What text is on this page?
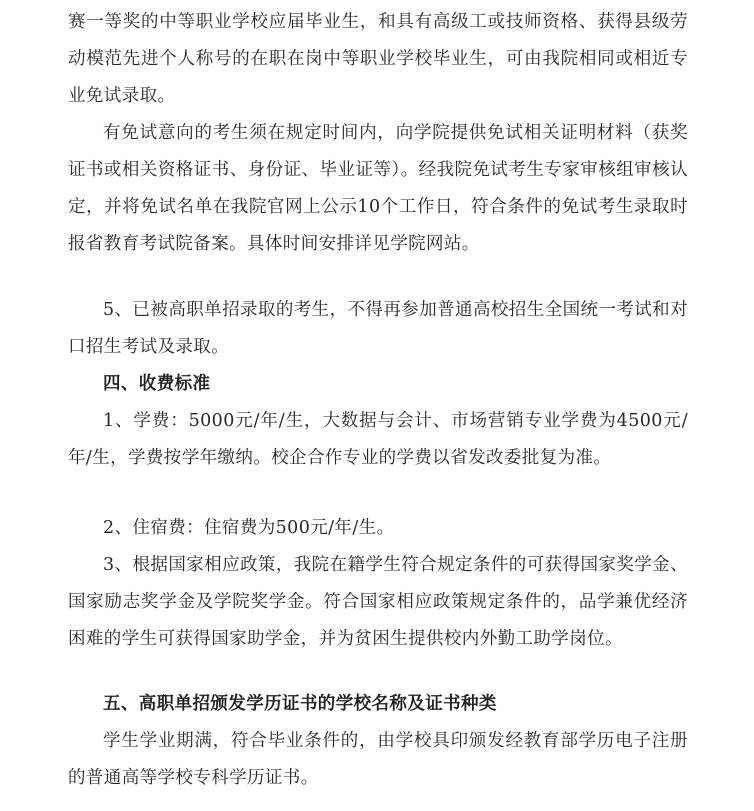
赛一等奖的中等职业学校应届毕业生，和具有高级工或技师资格、获得县级劳动模范先进个人称号的在职在岗中等职业学校毕业生，可由我院相同或相近专业免试录取。

有免试意向的考生须在规定时间内，向学院提供免试相关证明材料（获奖证书或相关资格证书、身份证、毕业证等）。经我院免试考生专家审核组审核认定，并将免试名单在我院官网上公示10个工作日，符合条件的免试考生录取时报省教育考试院备案。具体时间安排详见学院网站。

5、已被高职单招录取的考生，不得再参加普通高校招生全国统一考试和对口招生考试及录取。

四、收费标准

1、学费：5000元/年/生，大数据与会计、市场营销专业学费为4500元/年/生，学费按学年缴纳。校企合作专业的学费以省发改委批复为准。

2、住宿费：住宿费为500元/年/生。

3、根据国家相应政策，我院在籍学生符合规定条件的可获得国家奖学金、国家励志奖学金及学院奖学金。符合国家相应政策规定条件的，品学兼优经济困难的学生可获得国家助学金，并为贫困生提供校内外勤工助学岗位。

五、高职单招颁发学历证书的学校名称及证书种类

学生学业期满，符合毕业条件的，由学校具印颁发经教育部学历电子注册的普通高等学校专科学历证书。
